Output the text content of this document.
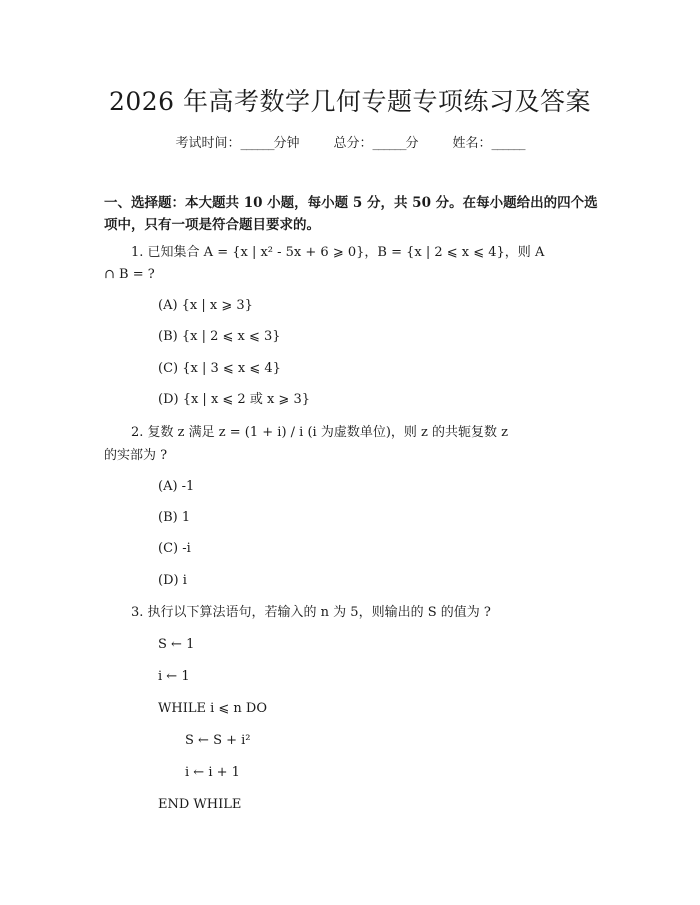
2026 年高考数学几何专题专项练习及答案
考试时间：______分钟	总分：______分	姓名：______

一、选择题：本大题共 10 小题，每小题 5 分，共 50 分。在每小题给出的四个选项中，只有一项是符合题目要求的。

1. 已知集合 A = {x | x² - 5x + 6 ⩾ 0}，B = {x | 2 ⩽ x ⩽ 4}，则 A
∩ B = ?
(A) {x | x ⩾ 3}
(B) {x | 2 ⩽ x ⩽ 3}
(C) {x | 3 ⩽ x ⩽ 4}
(D) {x | x ⩽ 2 或 x ⩾ 3}
2. 复数 z 满足 z = (1 + i) / i (i 为虚数单位)，则 z 的共轭复数 z
的实部为 ?
(A) -1
(B) 1
(C) -i
(D) i
3. 执行以下算法语句，若输入的 n 为 5，则输出的 S 的值为 ?
S ← 1
i ← 1
WHILE i ⩽ n DO
S ← S + i²
i ← i + 1
END WHILE
